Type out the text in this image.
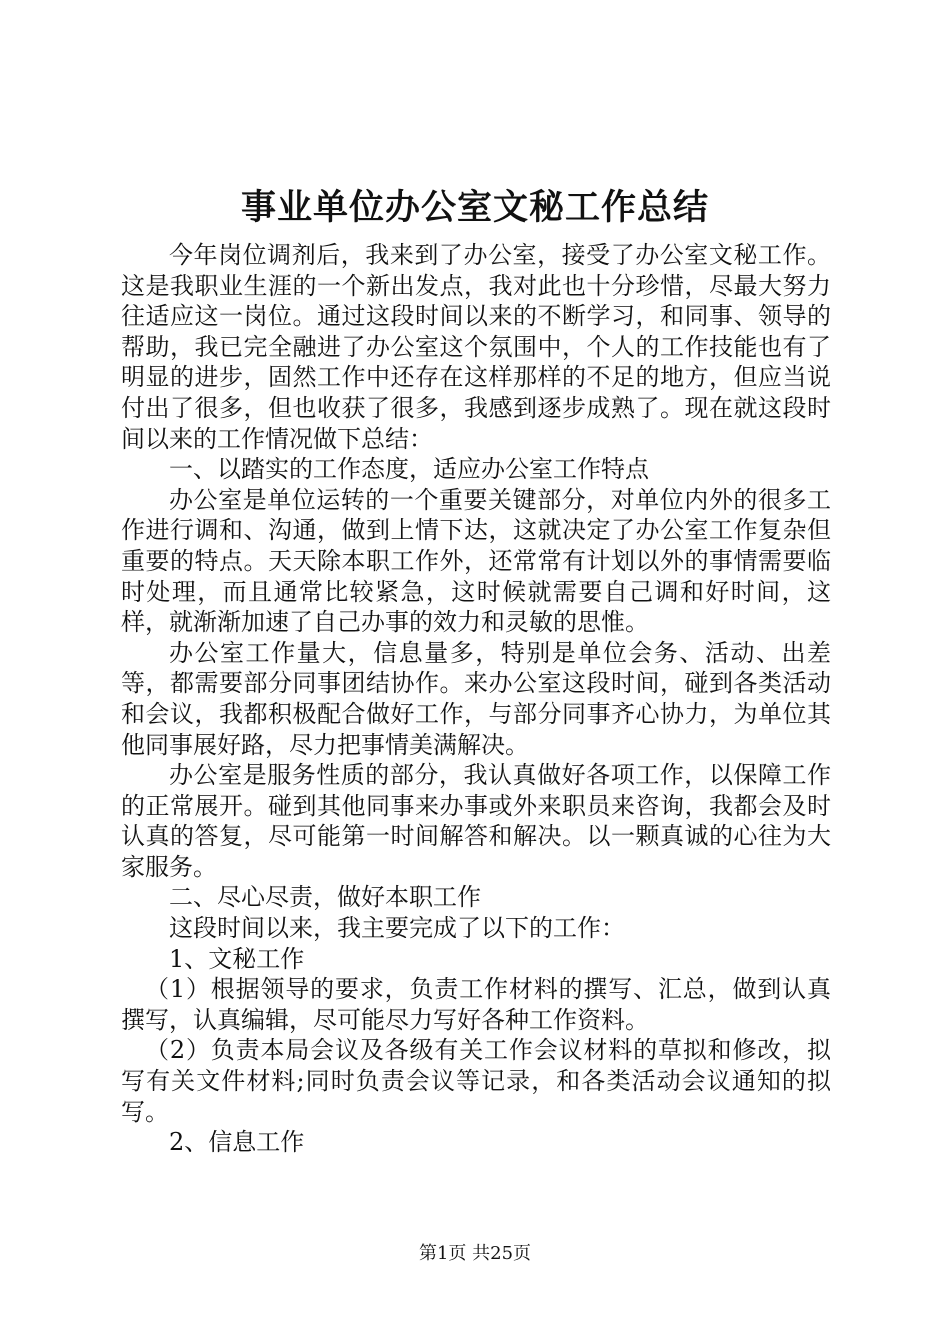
事业单位办公室文秘工作总结

今年岗位调剂后，我来到了办公室，接受了办公室文秘工作。这是我职业生涯的一个新出发点，我对此也十分珍惜，尽最大努力往适应这一岗位。通过这段时间以来的不断学习，和同事、领导的帮助，我已完全融进了办公室这个氛围中，个人的工作技能也有了明显的进步，固然工作中还存在这样那样的不足的地方，但应当说付出了很多，但也收获了很多，我感到逐步成熟了。现在就这段时间以来的工作情况做下总结：

一、以踏实的工作态度，适应办公室工作特点

办公室是单位运转的一个重要关键部分，对单位内外的很多工作进行调和、沟通，做到上情下达，这就决定了办公室工作复杂但重要的特点。天天除本职工作外，还常常有计划以外的事情需要临时处理，而且通常比较紧急，这时候就需要自己调和好时间，这样，就渐渐加速了自己办事的效力和灵敏的思惟。

办公室工作量大，信息量多，特别是单位会务、活动、出差等，都需要部分同事团结协作。来办公室这段时间，碰到各类活动和会议，我都积极配合做好工作，与部分同事齐心协力，为单位其他同事展好路，尽力把事情美满解决。

办公室是服务性质的部分，我认真做好各项工作，以保障工作的正常展开。碰到其他同事来办事或外来职员来咨询，我都会及时认真的答复，尽可能第一时间解答和解决。以一颗真诚的心往为大家服务。

二、尽心尽责，做好本职工作

这段时间以来，我主要完成了以下的工作：

1、文秘工作

（1）根据领导的要求，负责工作材料的撰写、汇总，做到认真撰写，认真编辑，尽可能尽力写好各种工作资料。

（2）负责本局会议及各级有关工作会议材料的草拟和修改，拟写有关文件材料;同时负责会议等记录，和各类活动会议通知的拟写。

2、信息工作

第1页 共25页
